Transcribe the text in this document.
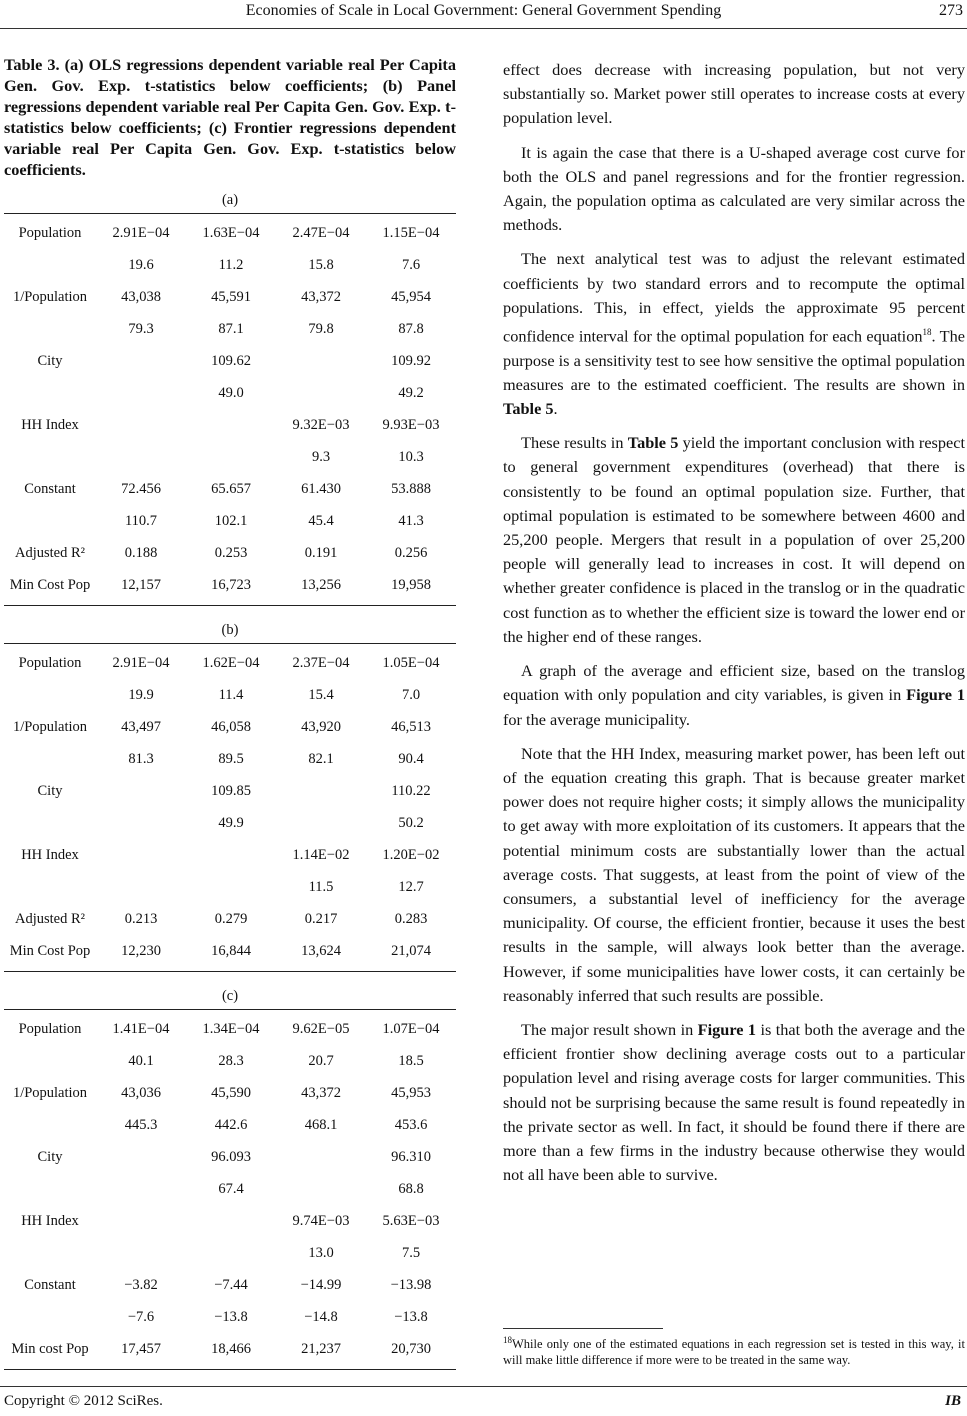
Economies of Scale in Local Government: General Government Spending	273

Table 3. (a) OLS regressions dependent variable real Per Capita Gen. Gov. Exp. t-statistics below coefficients; (b) Panel regressions dependent variable real Per Capita Gen. Gov. Exp. t-statistics below coefficients; (c) Frontier regressions dependent variable real Per Capita Gen. Gov. Exp. t-statistics below coefficients.

(a)
Population	2.91E−04	1.63E−04	2.47E−04	1.15E−04
	19.6	11.2	15.8	7.6
1/Population	43,038	45,591	43,372	45,954
	79.3	87.1	79.8	87.8
City		109.62		109.92
		49.0		49.2
HH Index			9.32E−03	9.93E−03
			9.3	10.3
Constant	72.456	65.657	61.430	53.888
	110.7	102.1	45.4	41.3
Adjusted R²	0.188	0.253	0.191	0.256
Min Cost Pop	12,157	16,723	13,256	19,958
(b)
Population	2.91E−04	1.62E−04	2.37E−04	1.05E−04
	19.9	11.4	15.4	7.0
1/Population	43,497	46,058	43,920	46,513
	81.3	89.5	82.1	90.4
City		109.85		110.22
		49.9		50.2
HH Index			1.14E−02	1.20E−02
			11.5	12.7
Adjusted R²	0.213	0.279	0.217	0.283
Min Cost Pop	12,230	16,844	13,624	21,074
(c)
Population	1.41E−04	1.34E−04	9.62E−05	1.07E−04
	40.1	28.3	20.7	18.5
1/Population	43,036	45,590	43,372	45,953
	445.3	442.6	468.1	453.6
City		96.093		96.310
		67.4		68.8
HH Index			9.74E−03	5.63E−03
			13.0	7.5
Constant	−3.82	−7.44	−14.99	−13.98
	−7.6	−13.8	−14.8	−13.8
Min cost Pop	17,457	18,466	21,237	20,730

effect does decrease with increasing population, but not very substantially so. Market power still operates to increase costs at every population level.

It is again the case that there is a U-shaped average cost curve for both the OLS and panel regressions and for the frontier regression. Again, the population optima as calculated are very similar across the methods.

The next analytical test was to adjust the relevant estimated coefficients by two standard errors and to recompute the optimal populations. This, in effect, yields the approximate 95 percent confidence interval for the optimal population for each equation$^{18}$. The purpose is a sensitivity test to see how sensitive the optimal population measures are to the estimated coefficient. The results are shown in Table 5.

These results in Table 5 yield the important conclusion with respect to general government expenditures (overhead) that there is consistently to be found an optimal population size. Further, that optimal population is estimated to be somewhere between 4600 and 25,200 people. Mergers that result in a population of over 25,200 people will generally lead to increases in cost. It will depend on whether greater confidence is placed in the translog or in the quadratic cost function as to whether the efficient size is toward the lower end or the higher end of these ranges.

A graph of the average and efficient size, based on the translog equation with only population and city variables, is given in Figure 1 for the average municipality.

Note that the HH Index, measuring market power, has been left out of the equation creating this graph. That is because greater market power does not require higher costs; it simply allows the municipality to get away with more exploitation of its customers. It appears that the potential minimum costs are substantially lower than the actual average costs. That suggests, at least from the point of view of the consumers, a substantial level of inefficiency for the average municipality. Of course, the efficient frontier, because it uses the best results in the sample, will always look better than the average. However, if some municipalities have lower costs, it can certainly be reasonably inferred that such results are possible.

The major result shown in Figure 1 is that both the average and the efficient frontier show declining average costs out to a particular population level and rising average costs for larger communities. This should not be surprising because the same result is found repeatedly in the private sector as well. In fact, it should be found there if there are more than a few firms in the industry because otherwise they would not all have been able to survive.

$^{18}$While only one of the estimated equations in each regression set is tested in this way, it will make little difference if more were to be treated in the same way.
Copyright © 2012 SciRes.	IB
